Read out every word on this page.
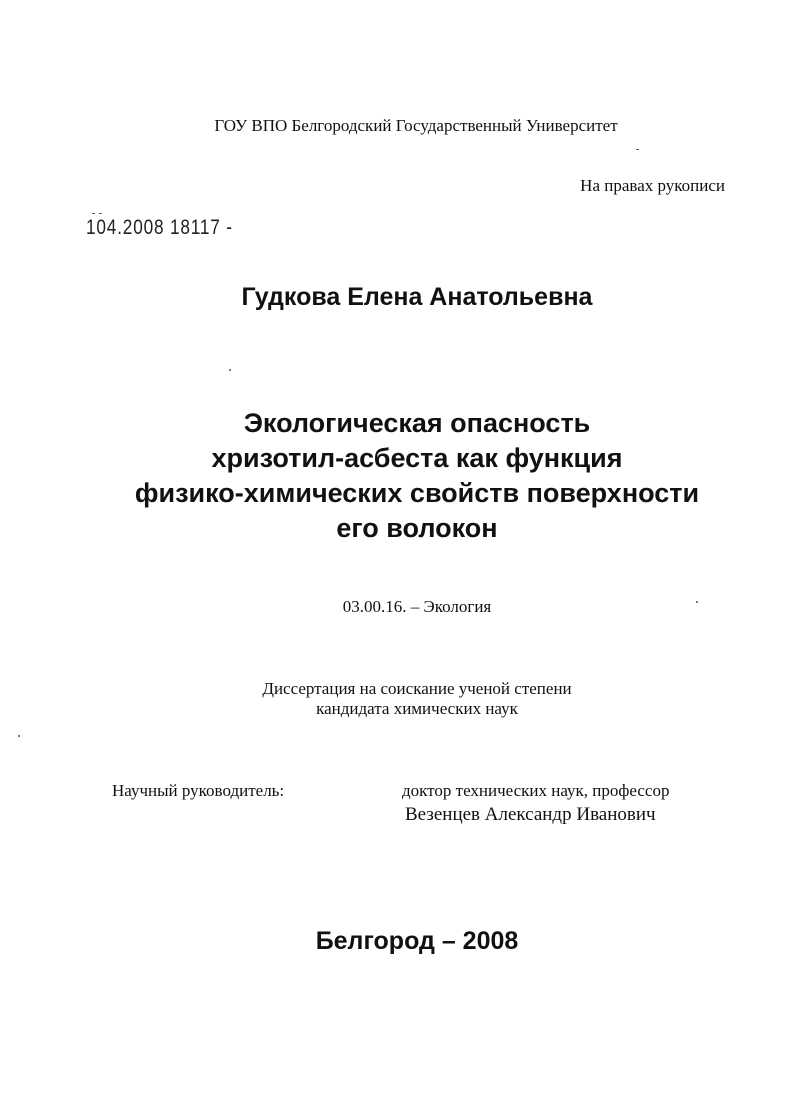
ГОУ ВПО Белгородский Государственный Университет
На правах рукописи
104.2008 18117 -
Гудкова Елена Анатольевна
Экологическая опасность
хризотил-асбеста как функция
физико-химических свойств поверхности
его волокон
03.00.16. – Экология
Диссертация на соискание ученой степени
кандидата химических наук
Научный руководитель:	доктор технических наук, профессор
Везенцев Александр Иванович
Белгород – 2008
